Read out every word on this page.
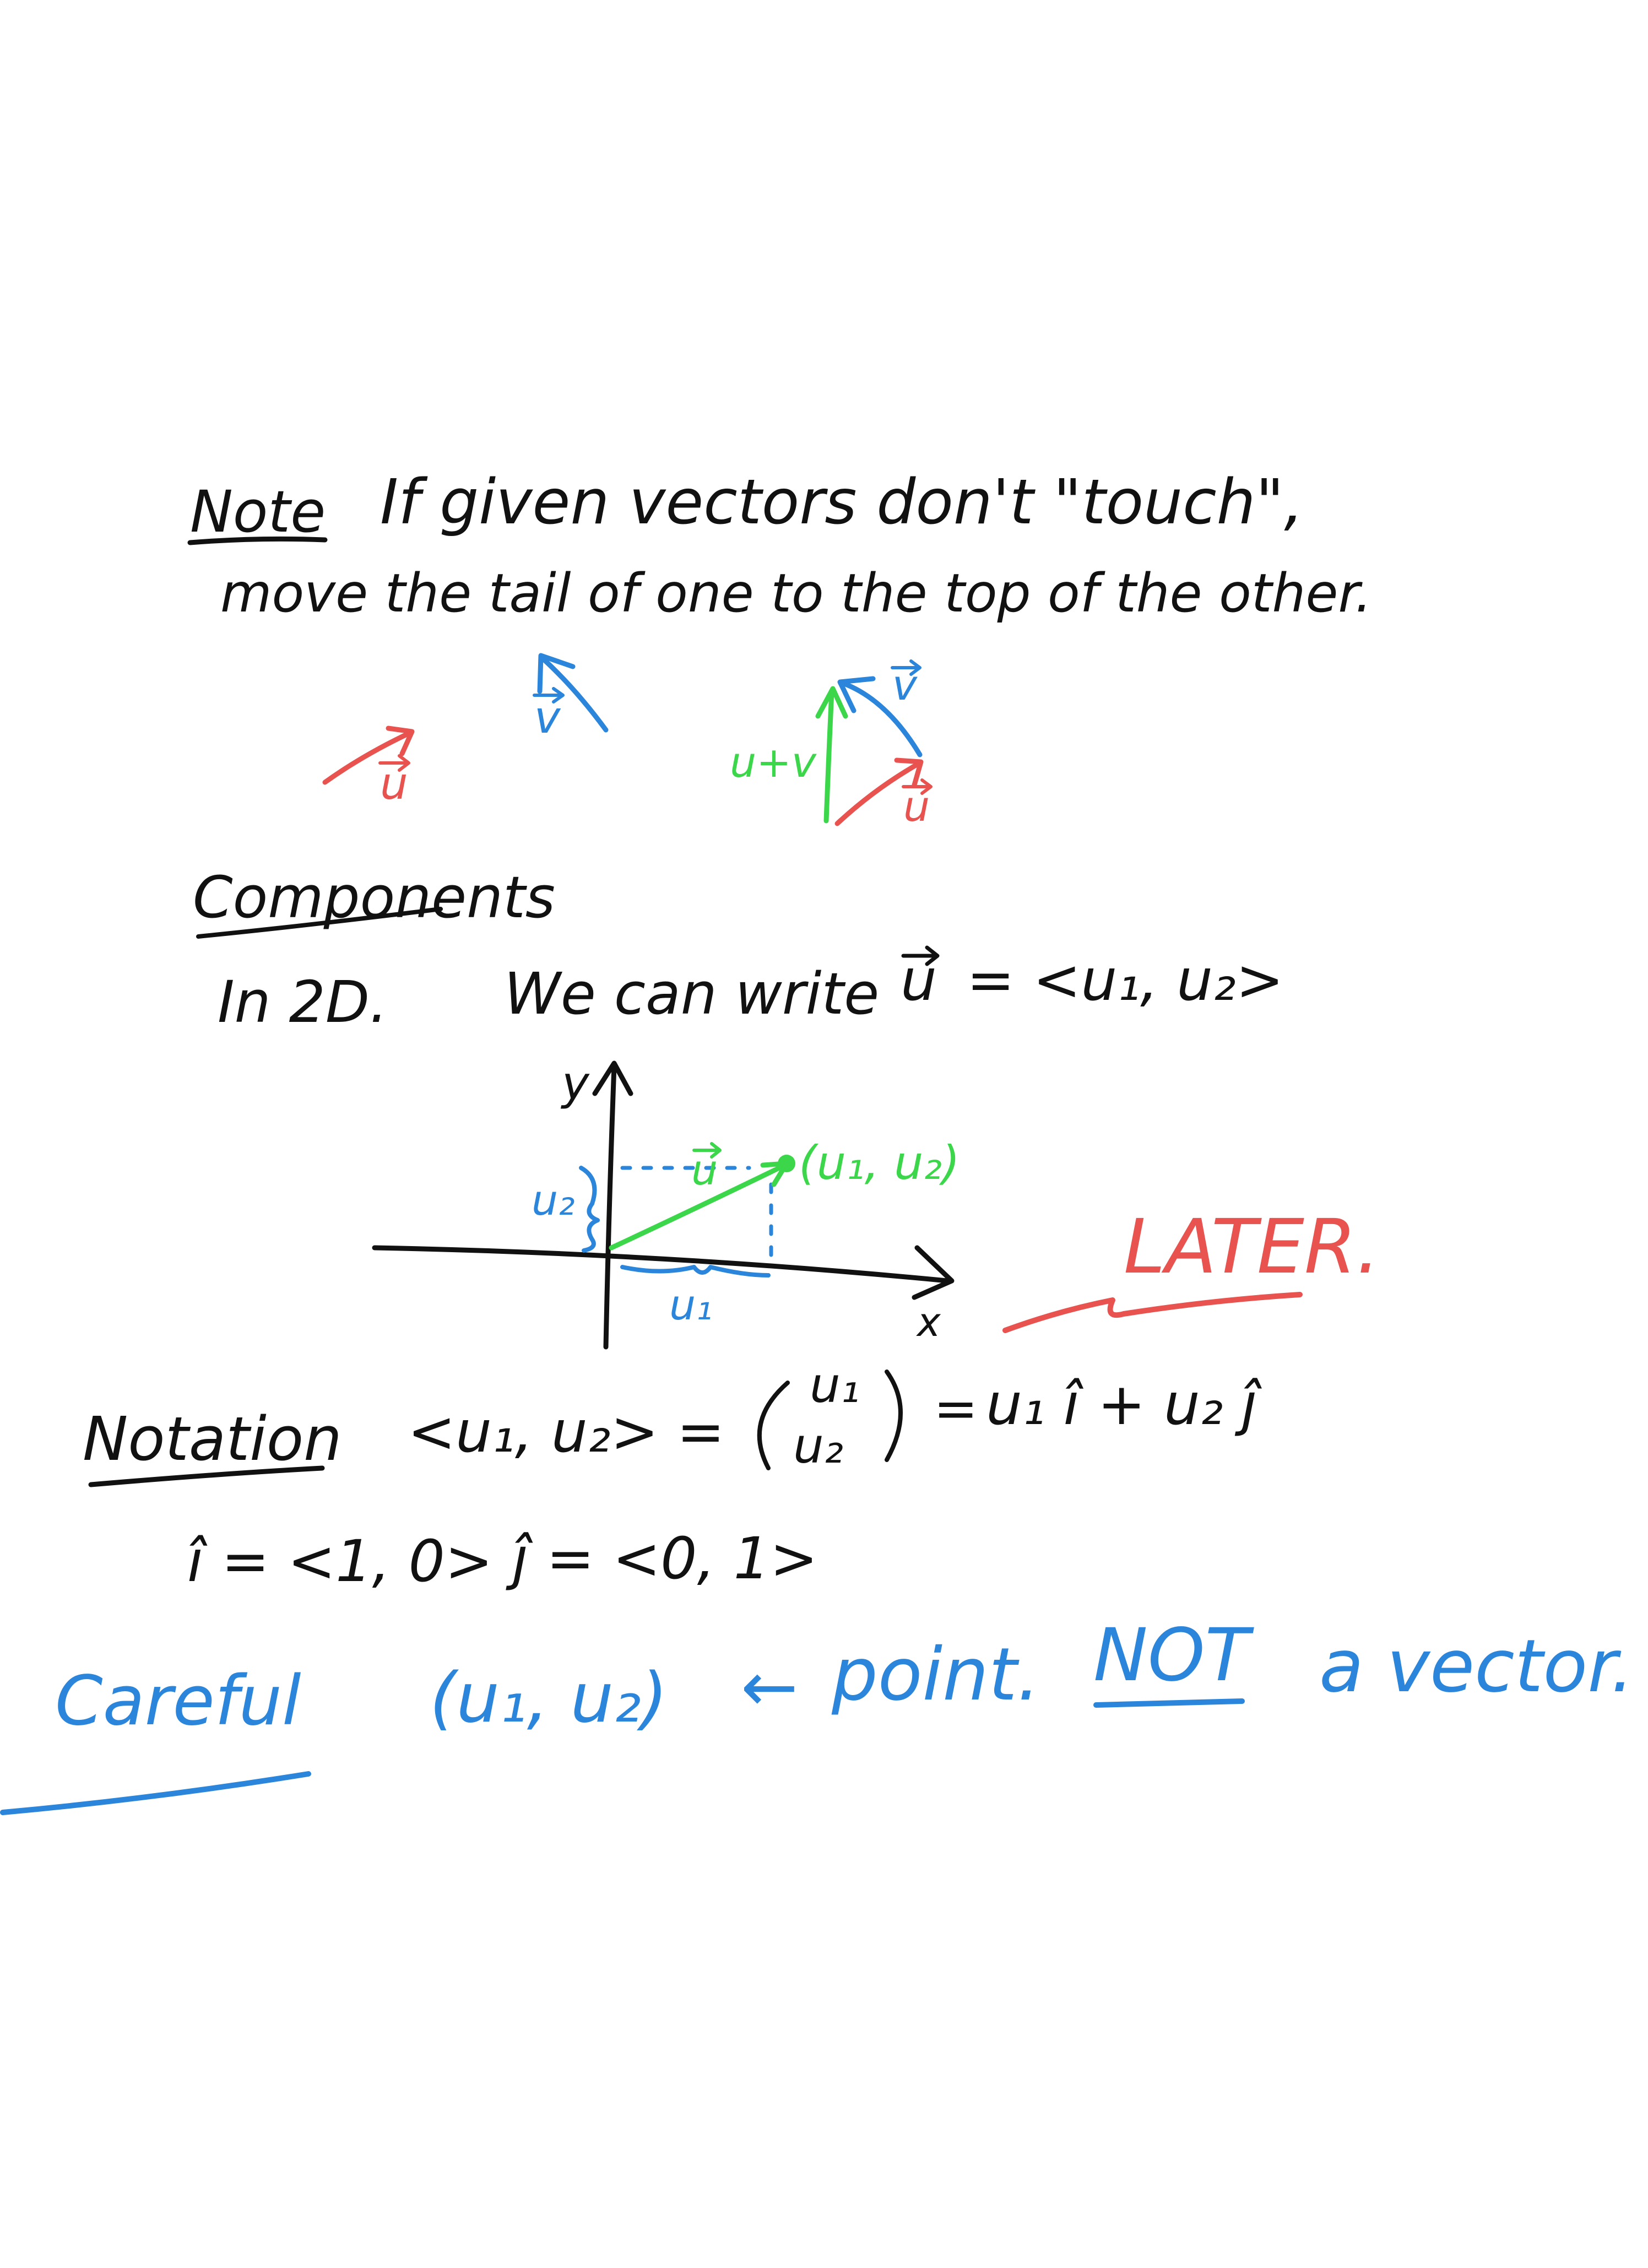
Note If given vectors don't "touch",
move the tail of one to the top of the other.
u
v
u
v
u+v
Components
In 2D. We can write u = <u₁, u₂>
y
x
u (u₁, u₂)
u₂
u₁
LATER.
Notation <u₁, u₂> =
u₁
u₂
= u₁ î + u₂ ĵ
î = <1, 0> ĵ = <0, 1>
Careful (u₁, u₂) ← point. NOT a vector.
